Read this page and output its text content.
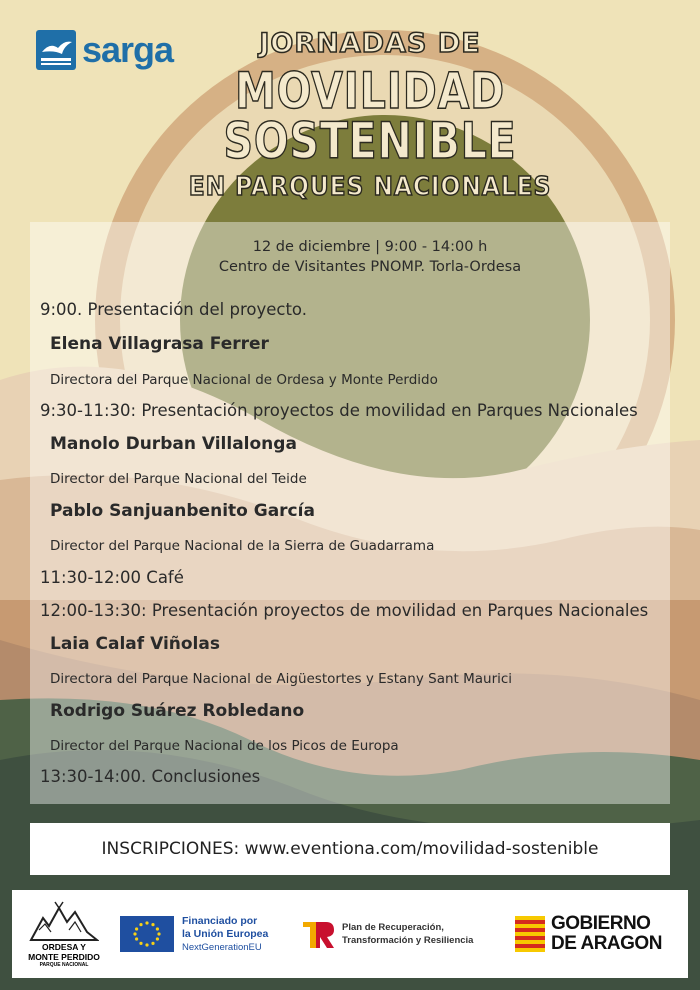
sarga	JORNADAS DE
MOVILIDAD
SOSTENIBLE
EN PARQUES NACIONALES
12 de diciembre | 9:00 - 14:00 h
Centro de Visitantes PNOMP. Torla-Ordesa
9:00. Presentación del proyecto.
Elena Villagrasa Ferrer
Directora del Parque Nacional de Ordesa y Monte Perdido
9:30-11:30: Presentación proyectos de movilidad en Parques Nacionales
Manolo Durban Villalonga
Director del Parque Nacional del Teide
Pablo Sanjuanbenito García
Director del Parque Nacional de la Sierra de Guadarrama
11:30-12:00 Café
12:00-13:30: Presentación proyectos de movilidad en Parques Nacionales
Laia Calaf Viñolas
Directora del Parque Nacional de Aigüestortes y Estany Sant Maurici
Rodrigo Suárez Robledano
Director del Parque Nacional de los Picos de Europa
13:30-14:00. Conclusiones
INSCRIPCIONES: www.eventiona.com/movilidad-sostenible
ORDESA Y
MONTE PERDIDO
PARQUE NACIONAL
Financiado por
la Unión Europea
NextGenerationEU
Plan de Recuperación,
Transformación y Resiliencia
GOBIERNO
DE ARAGON
